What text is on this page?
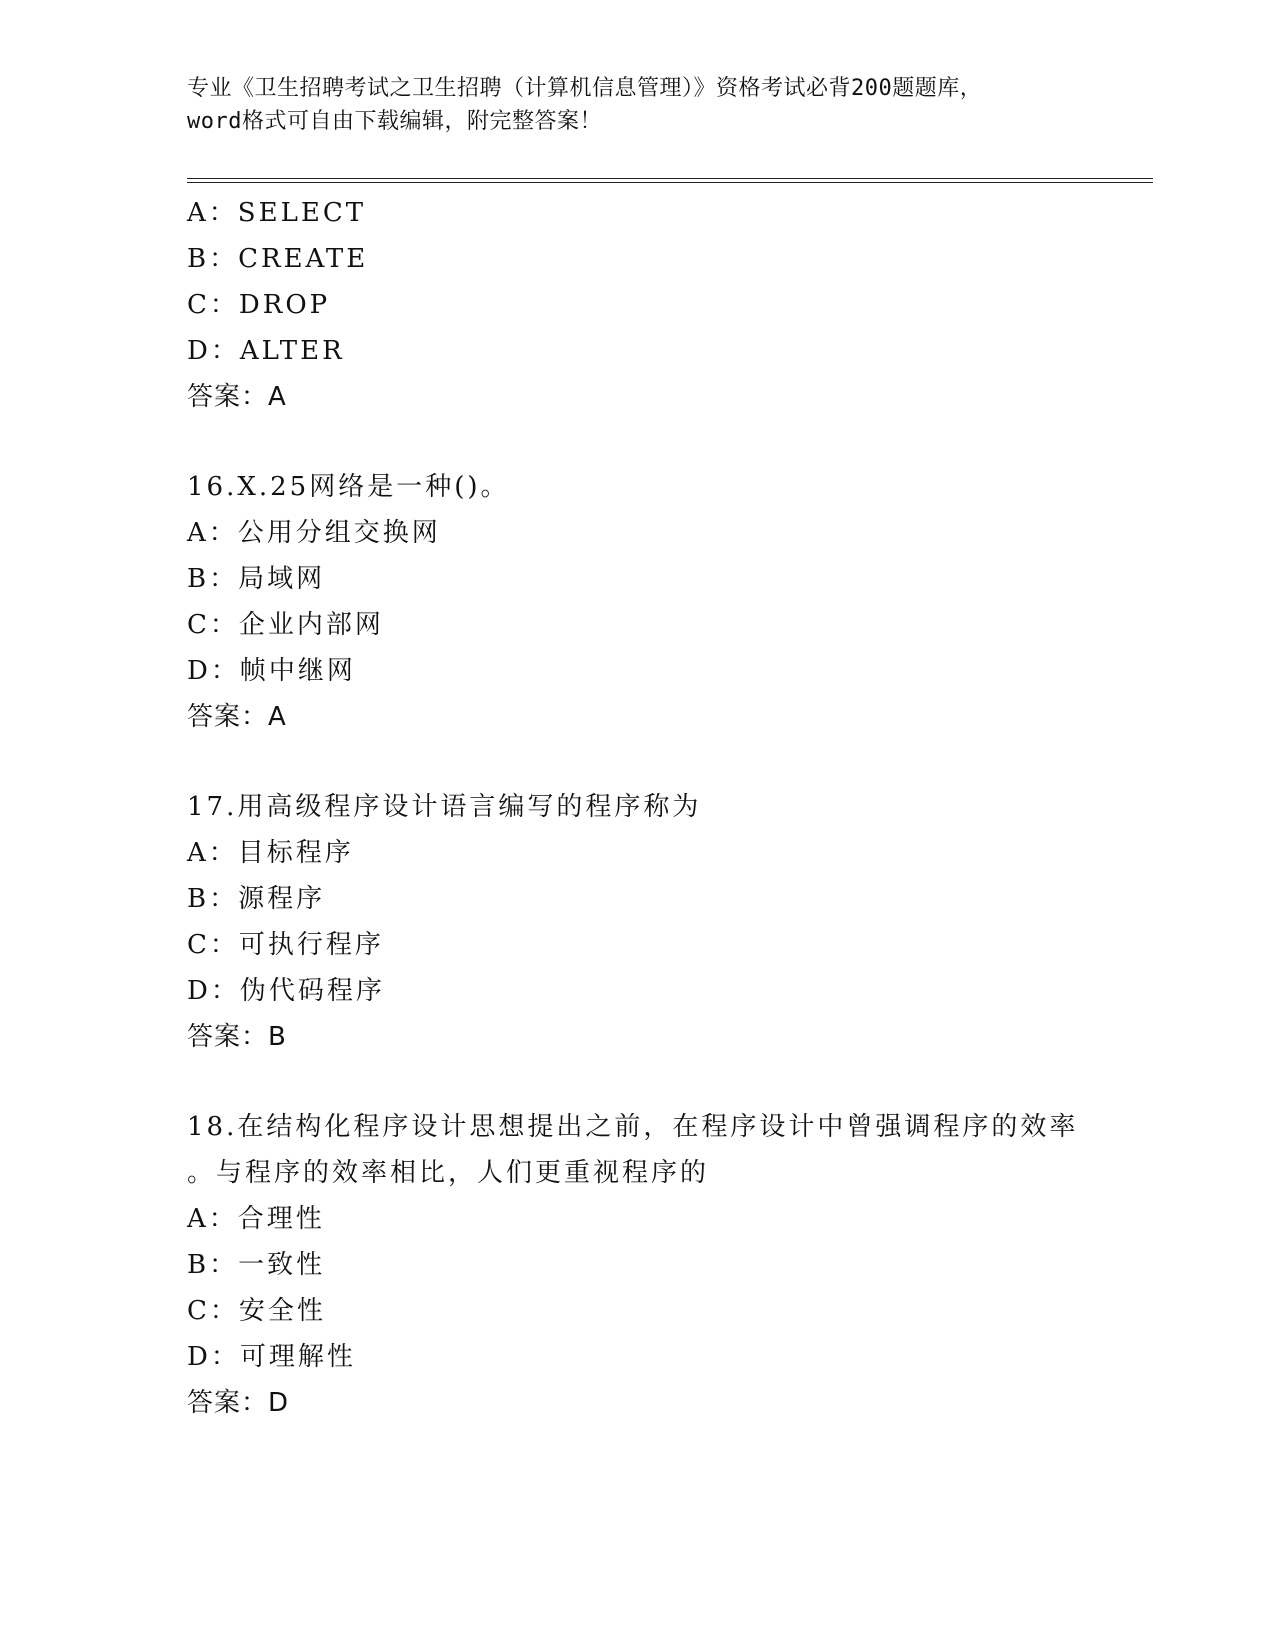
专业《卫生招聘考试之卫生招聘（计算机信息管理）》资格考试必背200题题库，
word格式可自由下载编辑，附完整答案！
A：SELECT
B：CREATE
C：DROP
D：ALTER
答案：A
16.X.25网络是一种()。
A：公用分组交换网
B：局域网
C：企业内部网
D：帧中继网
答案：A
17.用高级程序设计语言编写的程序称为
A：目标程序
B：源程序
C：可执行程序
D：伪代码程序
答案：B
18.在结构化程序设计思想提出之前，在程序设计中曾强调程序的效率
。与程序的效率相比，人们更重视程序的
A：合理性
B：一致性
C：安全性
D：可理解性
答案：D
